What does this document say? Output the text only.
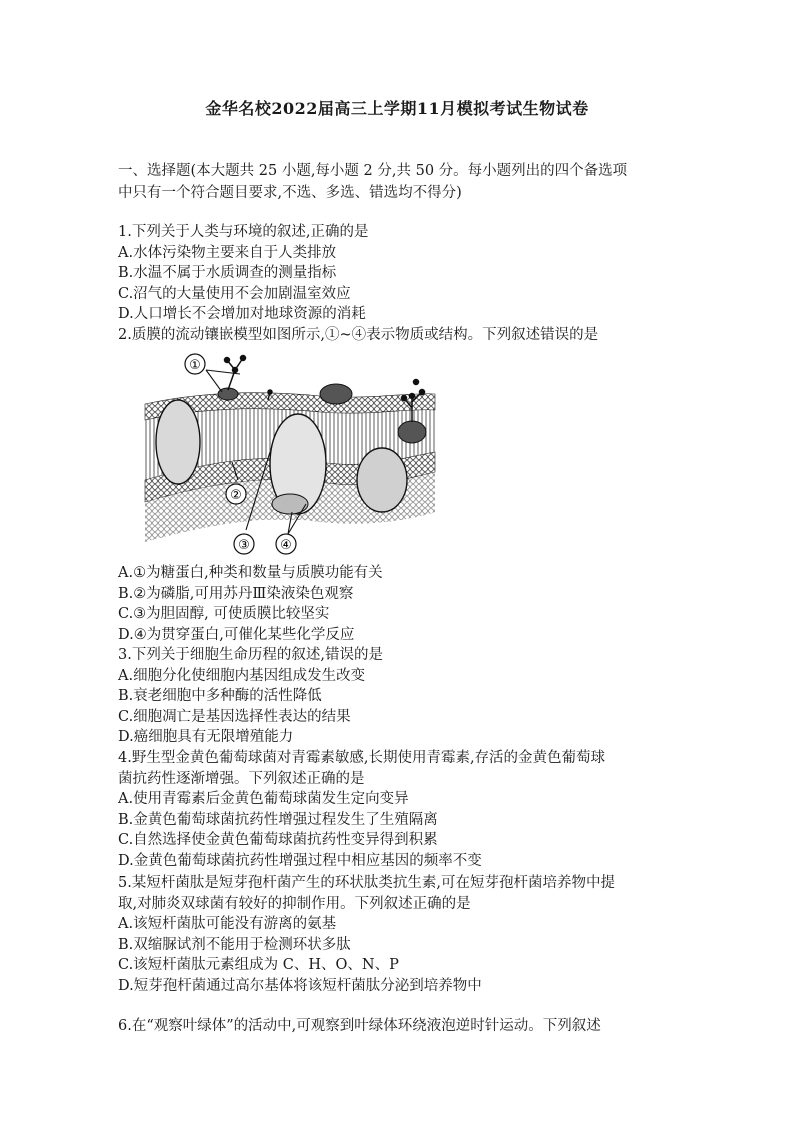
金华名校2022届高三上学期11月模拟考试生物试卷
一、选择题(本大题共 25 小题,每小题 2 分,共 50 分。每小题列出的四个备选项
中只有一个符合题目要求,不选、多选、错选均不得分)

1.下列关于人类与环境的叙述,正确的是

A.水体污染物主要来自于人类排放

B.水温不属于水质调查的测量指标

C.沼气的大量使用不会加剧温室效应

D.人口增长不会增加对地球资源的消耗

2.质膜的流动镶嵌模型如图所示,①~④表示物质或结构。下列叙述错误的是

①
②
③ ④

A.①为糖蛋白,种类和数量与质膜功能有关

B.②为磷脂,可用苏丹Ⅲ染液染色观察

C.③为胆固醇, 可使质膜比较坚实

D.④为贯穿蛋白,可催化某些化学反应

3.下列关于细胞生命历程的叙述,错误的是

A.细胞分化使细胞内基因组成发生改变

B.衰老细胞中多种酶的活性降低

C.细胞凋亡是基因选择性表达的结果

D.癌细胞具有无限增殖能力

4.野生型金黄色葡萄球菌对青霉素敏感,长期使用青霉素,存活的金黄色葡萄球

菌抗药性逐渐增强。下列叙述正确的是

A.使用青霉素后金黄色葡萄球菌发生定向变异

B.金黄色葡萄球菌抗药性增强过程发生了生殖隔离

C.自然选择使金黄色葡萄球菌抗药性变异得到积累

D.金黄色葡萄球菌抗药性增强过程中相应基因的频率不变

5.某短杆菌肽是短芽孢杆菌产生的环状肽类抗生素,可在短芽孢杆菌培养物中提

取,对肺炎双球菌有较好的抑制作用。下列叙述正确的是

A.该短杆菌肽可能没有游离的氨基

B.双缩脲试剂不能用于检测环状多肽

C.该短杆菌肽元素组成为 C、H、O、N、P

D.短芽孢杆菌通过高尔基体将该短杆菌肽分泌到培养物中

6.在“观察叶绿体”的活动中,可观察到叶绿体环绕液泡逆时针运动。下列叙述
